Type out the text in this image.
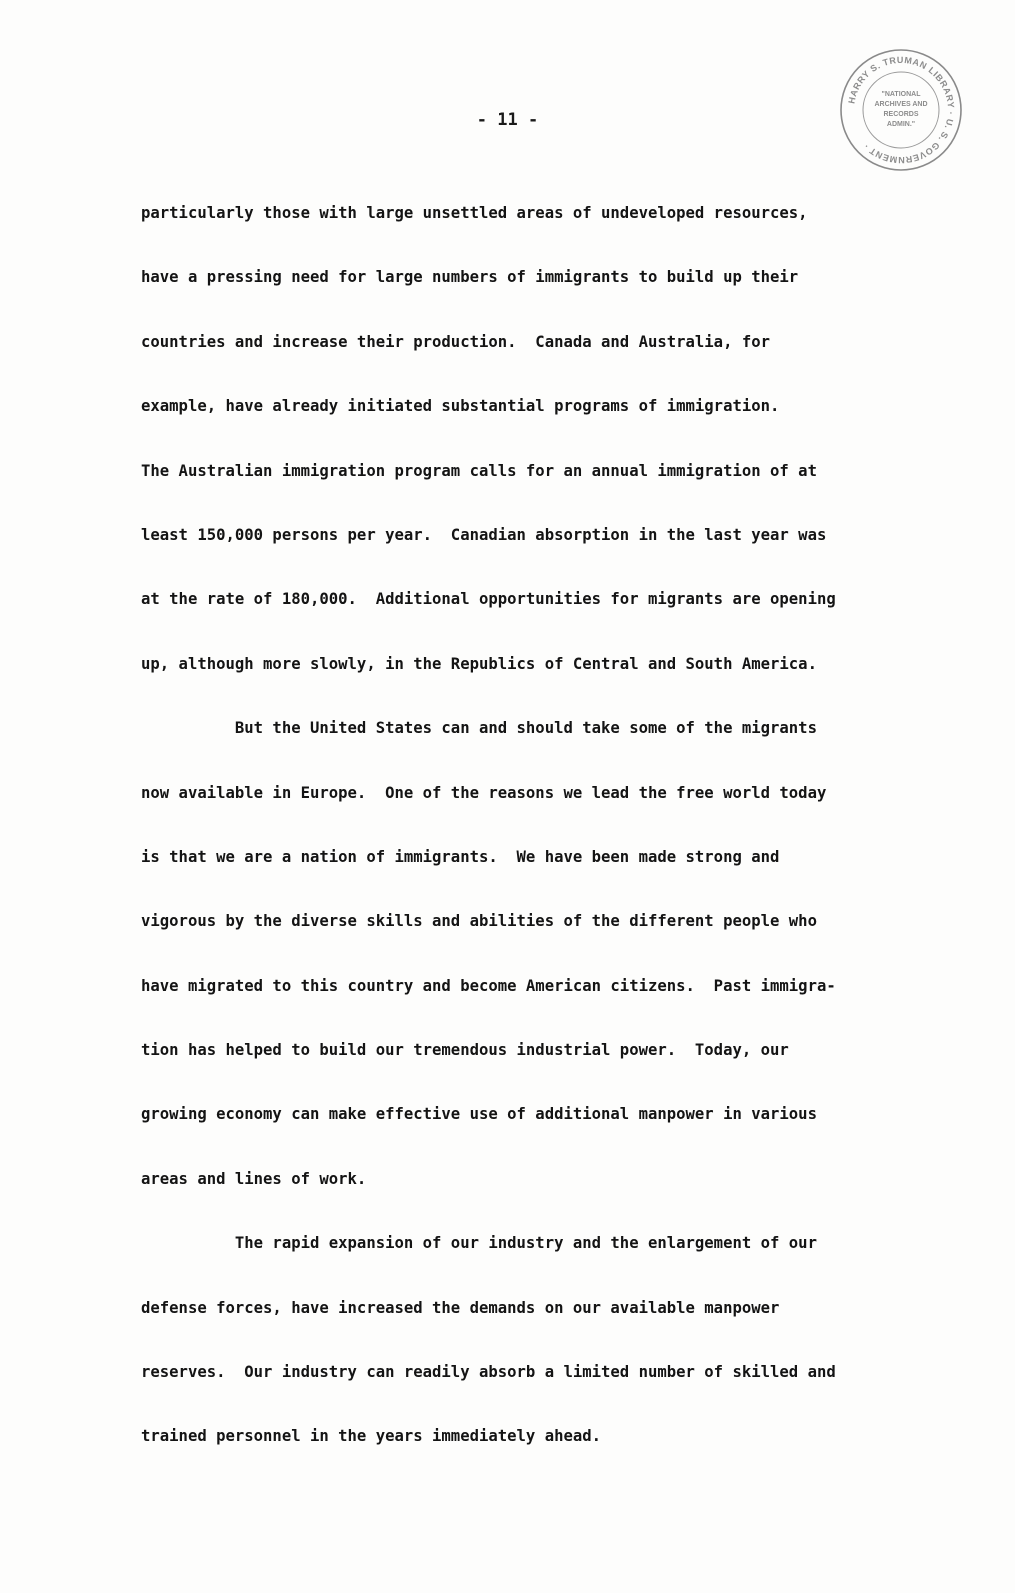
HARRY S. TRUMAN LIBRARY · U. S. GOVERNMENT ·
"NATIONAL
ARCHIVES AND
RECORDS
ADMIN."
- 11 -
particularly those with large unsettled areas of undeveloped resources,
have a pressing need for large numbers of immigrants to build up their
countries and increase their production.  Canada and Australia, for
example, have already initiated substantial programs of immigration.
The Australian immigration program calls for an annual immigration of at
least 150,000 persons per year.  Canadian absorption in the last year was
at the rate of 180,000.  Additional opportunities for migrants are opening
up, although more slowly, in the Republics of Central and South America.
But the United States can and should take some of the migrants
now available in Europe.  One of the reasons we lead the free world today
is that we are a nation of immigrants.  We have been made strong and
vigorous by the diverse skills and abilities of the different people who
have migrated to this country and become American citizens.  Past immigra-
tion has helped to build our tremendous industrial power.  Today, our
growing economy can make effective use of additional manpower in various
areas and lines of work.
The rapid expansion of our industry and the enlargement of our
defense forces, have increased the demands on our available manpower
reserves.  Our industry can readily absorb a limited number of skilled and
trained personnel in the years immediately ahead.
